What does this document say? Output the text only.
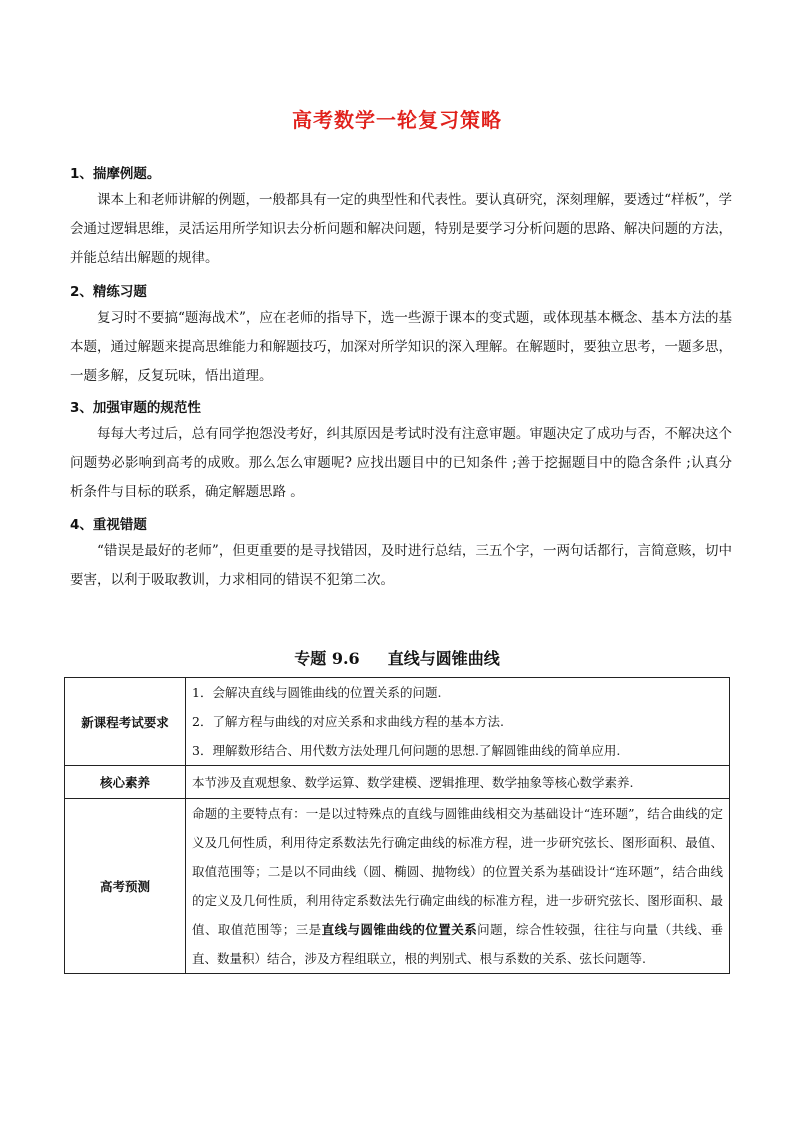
高考数学一轮复习策略
1、揣摩例题。
课本上和老师讲解的例题，一般都具有一定的典型性和代表性。要认真研究，深刻理解，要透过“样板”，学会通过逻辑思维，灵活运用所学知识去分析问题和解决问题，特别是要学习分析问题的思路、解决问题的方法，并能总结出解题的规律。
2、精练习题
复习时不要搞“题海战术”，应在老师的指导下，选一些源于课本的变式题，或体现基本概念、基本方法的基本题，通过解题来提高思维能力和解题技巧，加深对所学知识的深入理解。在解题时，要独立思考，一题多思，一题多解，反复玩味，悟出道理。
3、加强审题的规范性
每每大考过后，总有同学抱怨没考好，纠其原因是考试时没有注意审题。审题决定了成功与否，不解决这个问题势必影响到高考的成败。那么怎么审题呢? 应找出题目中的已知条件 ;善于挖掘题目中的隐含条件 ;认真分析条件与目标的联系，确定解题思路 。
4、重视错题
“错误是最好的老师”，但更重要的是寻找错因，及时进行总结，三五个字，一两句话都行，言简意赅，切中要害，以利于吸取教训，力求相同的错误不犯第二次。
专题 9.6 直线与圆锥曲线
新课程考试要求	1．会解决直线与圆锥曲线的位置关系的问题.
2．了解方程与曲线的对应关系和求曲线方程的基本方法.
3．理解数形结合、用代数方法处理几何问题的思想.了解圆锥曲线的简单应用.

核心素养	本节涉及直观想象、数学运算、数学建模、逻辑推理、数学抽象等核心数学素养.
高考预测	命题的主要特点有：一是以过特殊点的直线与圆锥曲线相交为基础设计“连环题”，结合曲线的定义及几何性质，利用待定系数法先行确定曲线的标准方程，进一步研究弦长、图形面积、最值、取值范围等；二是以不同曲线（圆、椭圆、抛物线）的位置关系为基础设计“连环题”，结合曲线的定义及几何性质，利用待定系数法先行确定曲线的标准方程，进一步研究弦长、图形面积、最值、取值范围等；三是直线与圆锥曲线的位置关系问题，综合性较强，往往与向量（共线、垂直、数量积）结合，涉及方程组联立，根的判别式、根与系数的关系、弦长问题等.
